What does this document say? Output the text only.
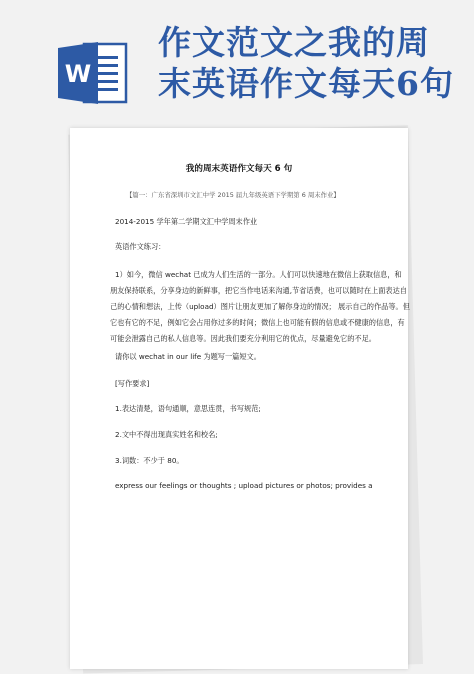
W
作文范文之我的周
末英语作文每天6句
我的周末英语作文每天 6 句
【篇一：广东省深圳市文汇中学 2015 届九年级英语下学期第 6 周末作业】
2014-2015 学年第二学期文汇中学周末作业
英语作文练习：
1）如今，微信 wechat 已成为人们生活的一部分。人们可以快速地在微信上获取信息，和
朋友保持联系，分享身边的新鲜事，把它当作电话来沟通,节省话费，也可以随时在上面表达自
己的心情和想法，上传（upload）图片让朋友更加了解你身边的情况； 展示自己的作品等。但
它也有它的不足，例如它会占用你过多的时间；微信上也可能有假的信息或不健康的信息，有
可能会泄露自己的私人信息等。因此我们要充分利用它的优点，尽量避免它的不足。
请你以 wechat in our life 为题写一篇短文。
[写作要求]
1.表达清楚，语句通顺，意思连贯，书写规范;
2.文中不得出现真实姓名和校名;
3.词数：不少于 80。
express our feelings or thoughts ; upload pictures or photos; provides a
